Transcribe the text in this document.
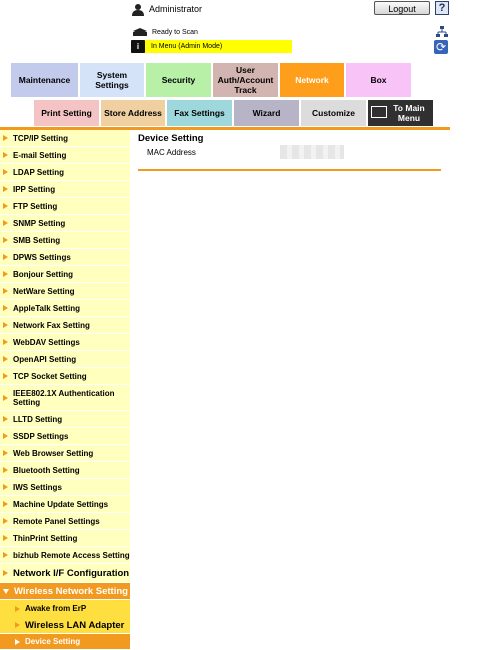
Administrator	Logout	?
Ready to Scan
i	In Menu (Admin Mode)	⟳
Maintenance	System Settings	Security
User Auth/Account Track
Network	Box
Print Setting	Store Address	Fax Settings	Wizard	Customize	To Main Menu
TCP/IP Setting
E-mail Setting
LDAP Setting
IPP Setting
FTP Setting
SNMP Setting
SMB Setting
DPWS Settings
Bonjour Setting
NetWare Setting
AppleTalk Setting
Network Fax Setting
WebDAV Settings
OpenAPI Setting
TCP Socket Setting
IEEE802.1X Authentication Setting
LLTD Setting
SSDP Settings
Web Browser Setting
Bluetooth Setting
IWS Settings
Machine Update Settings
Remote Panel Settings
ThinPrint Setting
bizhub Remote Access Setting
Network I/F Configuration
Wireless Network Setting
Awake from ErP
Wireless LAN Adapter
Device Setting
Device Setting
MAC Address
